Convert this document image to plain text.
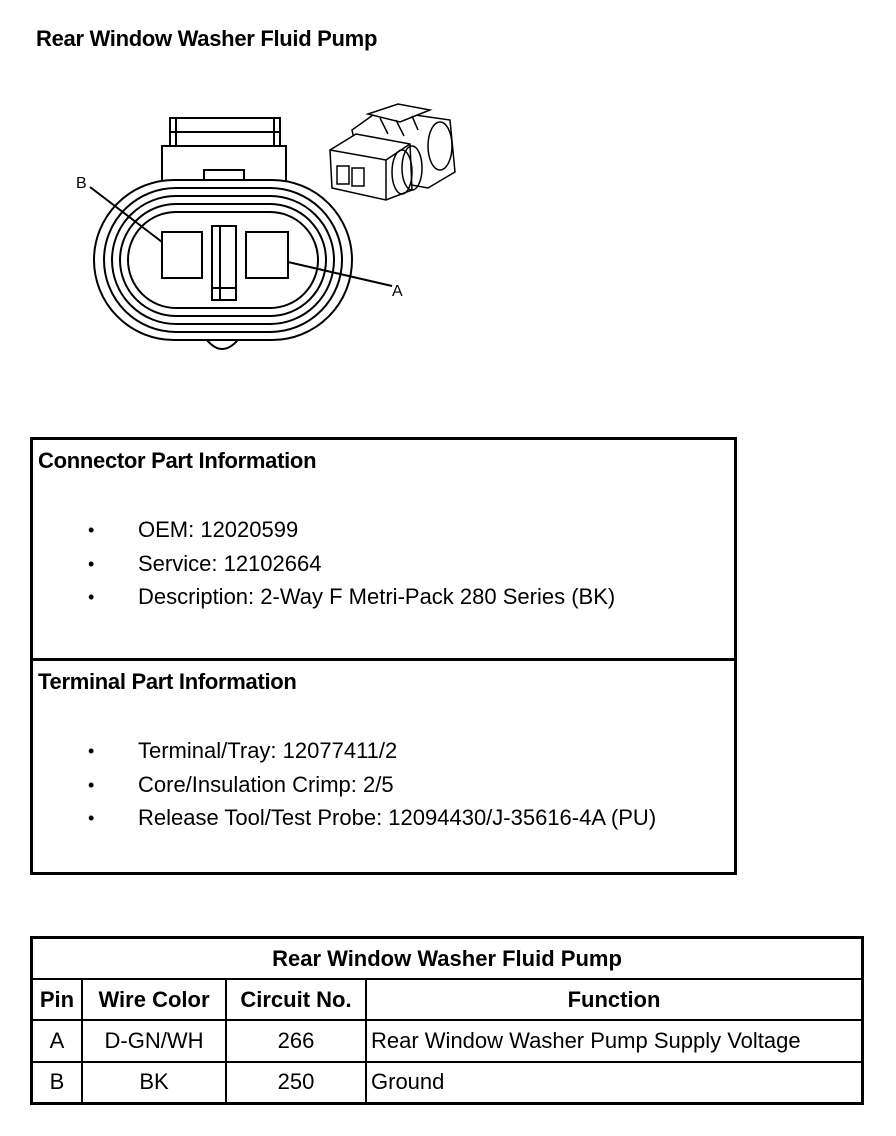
Rear Window Washer Fluid Pump
B
A
Connector Part Information
• OEM: 12020599
• Service: 12102664
• Description: 2-Way F Metri-Pack 280 Series (BK)
Terminal Part Information
• Terminal/Tray: 12077411/2
• Core/Insulation Crimp: 2/5
• Release Tool/Test Probe: 12094430/J-35616-4A (PU)
Rear Window Washer Fluid Pump			
Pin	Wire Color	Circuit No.	Function
A	D-GN/WH	266	Rear Window Washer Pump Supply Voltage
B	BK	250	Ground
